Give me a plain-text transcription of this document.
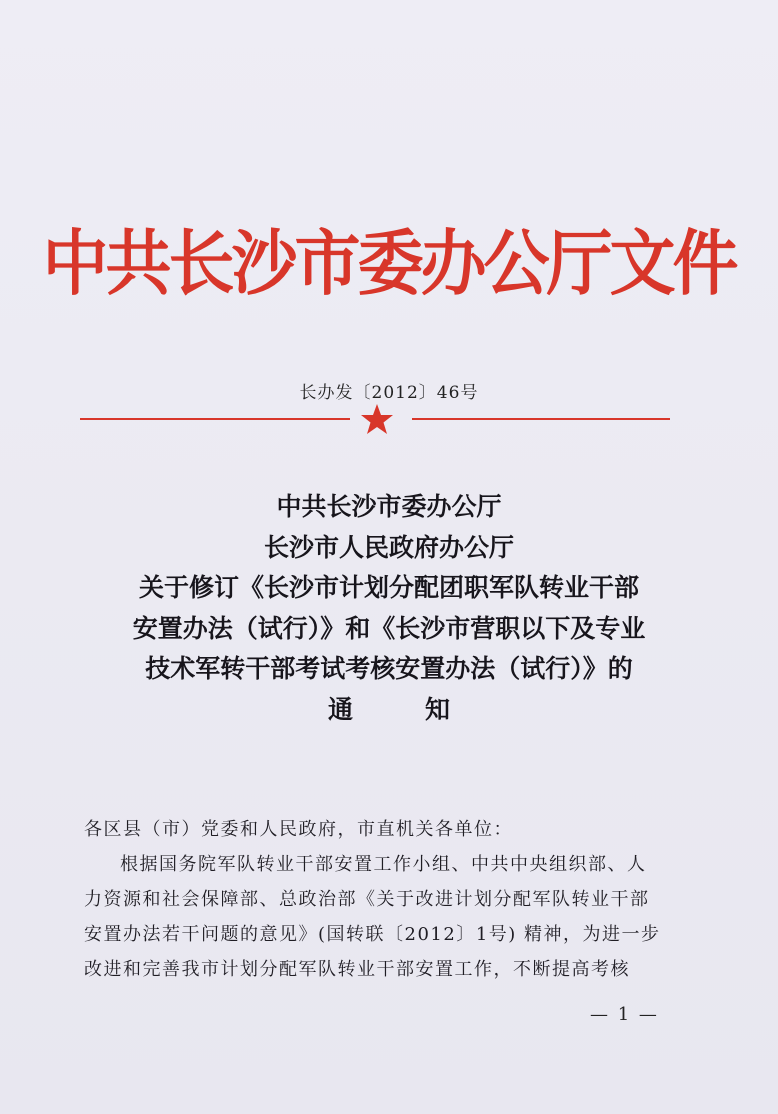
中共长沙市委办公厅文件
长办发〔2012〕46号
中共长沙市委办公厅
长沙市人民政府办公厅
关于修订《长沙市计划分配团职军队转业干部
安置办法（试行）》和《长沙市营职以下及专业
技术军转干部考试考核安置办法（试行）》的
通	知

各区县（市）党委和人民政府，市直机关各单位：

根据国务院军队转业干部安置工作小组、中共中央组织部、人

力资源和社会保障部、总政治部《关于改进计划分配军队转业干部

安置办法若干问题的意见》(国转联〔2012〕1号) 精神，为进一步

改进和完善我市计划分配军队转业干部安置工作，不断提高考核

— 1 —
